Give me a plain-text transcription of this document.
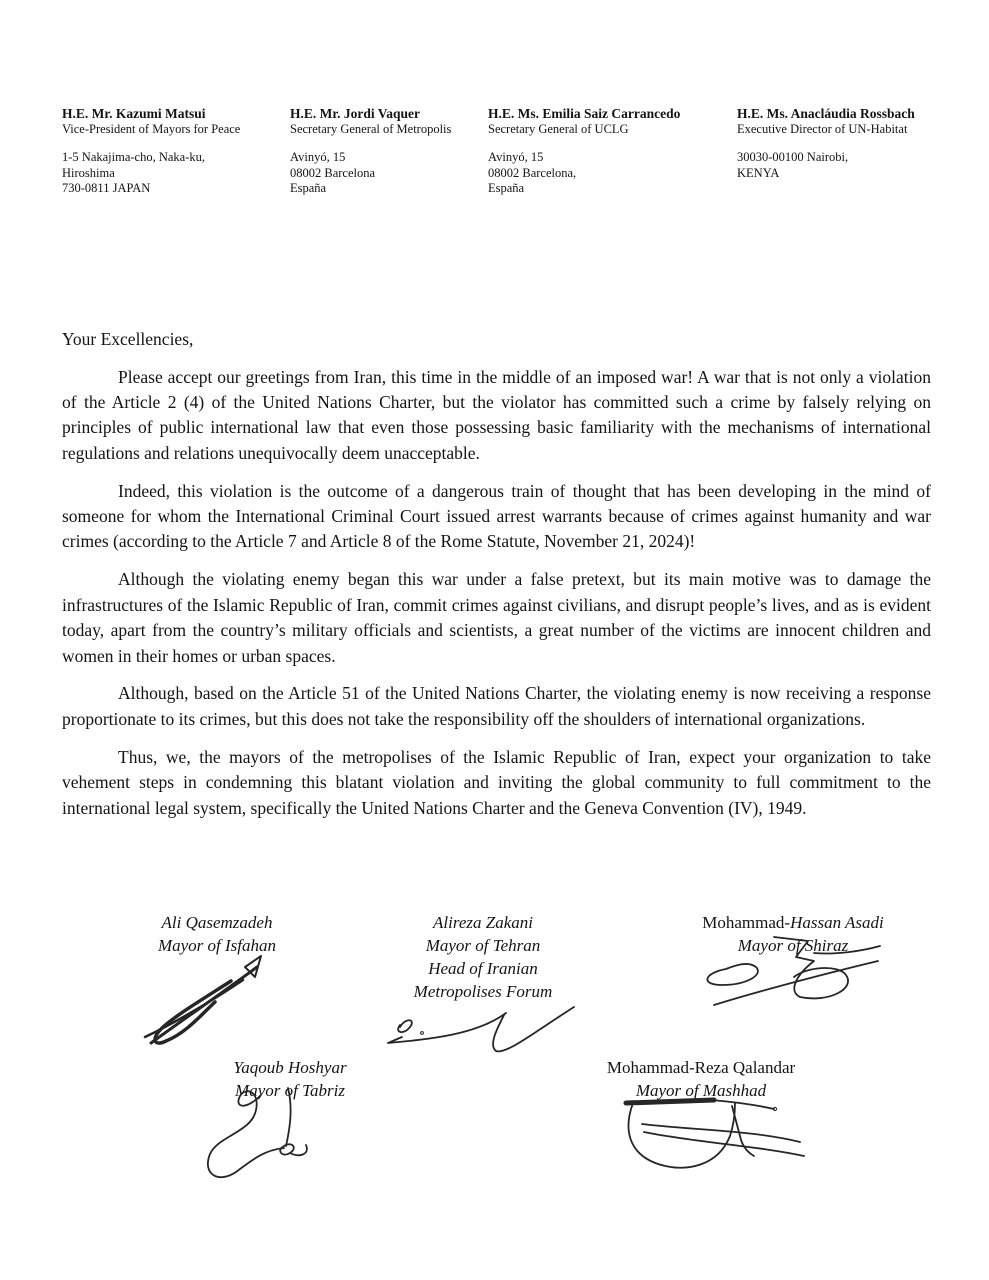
H.E. Mr. Kazumi Matsui
Vice-President of Mayors for Peace
1-5 Nakajima-cho, Naka-ku,
Hiroshima
730-0811 JAPAN
H.E. Mr. Jordi Vaquer
Secretary General of Metropolis
Avinyó, 15
08002 Barcelona
España
H.E. Ms. Emilia Saiz Carrancedo
Secretary General of UCLG
Avinyó, 15
08002 Barcelona,
España
H.E. Ms. Anacláudia Rossbach
Executive Director of UN-Habitat
30030-00100 Nairobi,
KENYA
Your Excellencies,

Please accept our greetings from Iran, this time in the middle of an imposed war! A war that is not only a violation of the Article 2 (4) of the United Nations Charter, but the violator has committed such a crime by falsely relying on principles of public international law that even those possessing basic familiarity with the mechanisms of international regulations and relations unequivocally deem unacceptable.

Indeed, this violation is the outcome of a dangerous train of thought that has been developing in the mind of someone for whom the International Criminal Court issued arrest warrants because of crimes against humanity and war crimes (according to the Article 7 and Article 8 of the Rome Statute, November 21, 2024)!

Although the violating enemy began this war under a false pretext, but its main motive was to damage the infrastructures of the Islamic Republic of Iran, commit crimes against civilians, and disrupt people’s lives, and as is evident today, apart from the country’s military officials and scientists, a great number of the victims are innocent children and women in their homes or urban spaces.

Although, based on the Article 51 of the United Nations Charter, the violating enemy is now receiving a response proportionate to its crimes, but this does not take the responsibility off the shoulders of international organizations.

Thus, we, the mayors of the metropolises of the Islamic Republic of Iran, expect your organization to take vehement steps in condemning this blatant violation and inviting the global community to full commitment to the international legal system, specifically the United Nations Charter and the Geneva Convention (IV), 1949.

Ali Qasemzadeh
Mayor of Isfahan
Alireza Zakani
Mayor of Tehran
Head of Iranian
Metropolises Forum
Mohammad-Hassan Asadi
Mayor of Shiraz
Yaqoub Hoshyar
Mayor of Tabriz
Mohammad-Reza Qalandar
Mayor of Mashhad
